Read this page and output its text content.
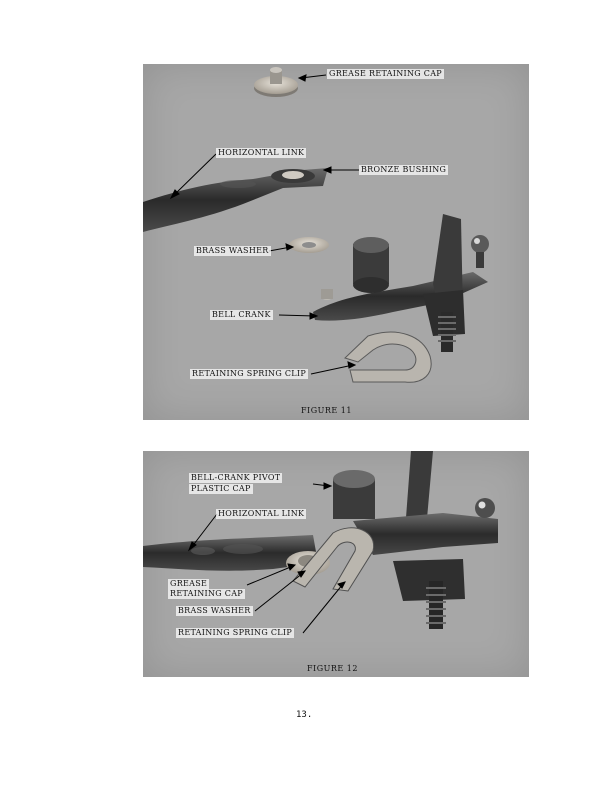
GREASE RETAINING CAP
HORIZONTAL LINK
BRONZE BUSHING
BRASS WASHER
BELL CRANK
RETAINING SPRING CLIP
FIGURE 11
BELL-CRANK PIVOT
PLASTIC CAP
HORIZONTAL LINK
GREASE
RETAINING CAP
BRASS WASHER
RETAINING SPRING CLIP
FIGURE 12
13.
